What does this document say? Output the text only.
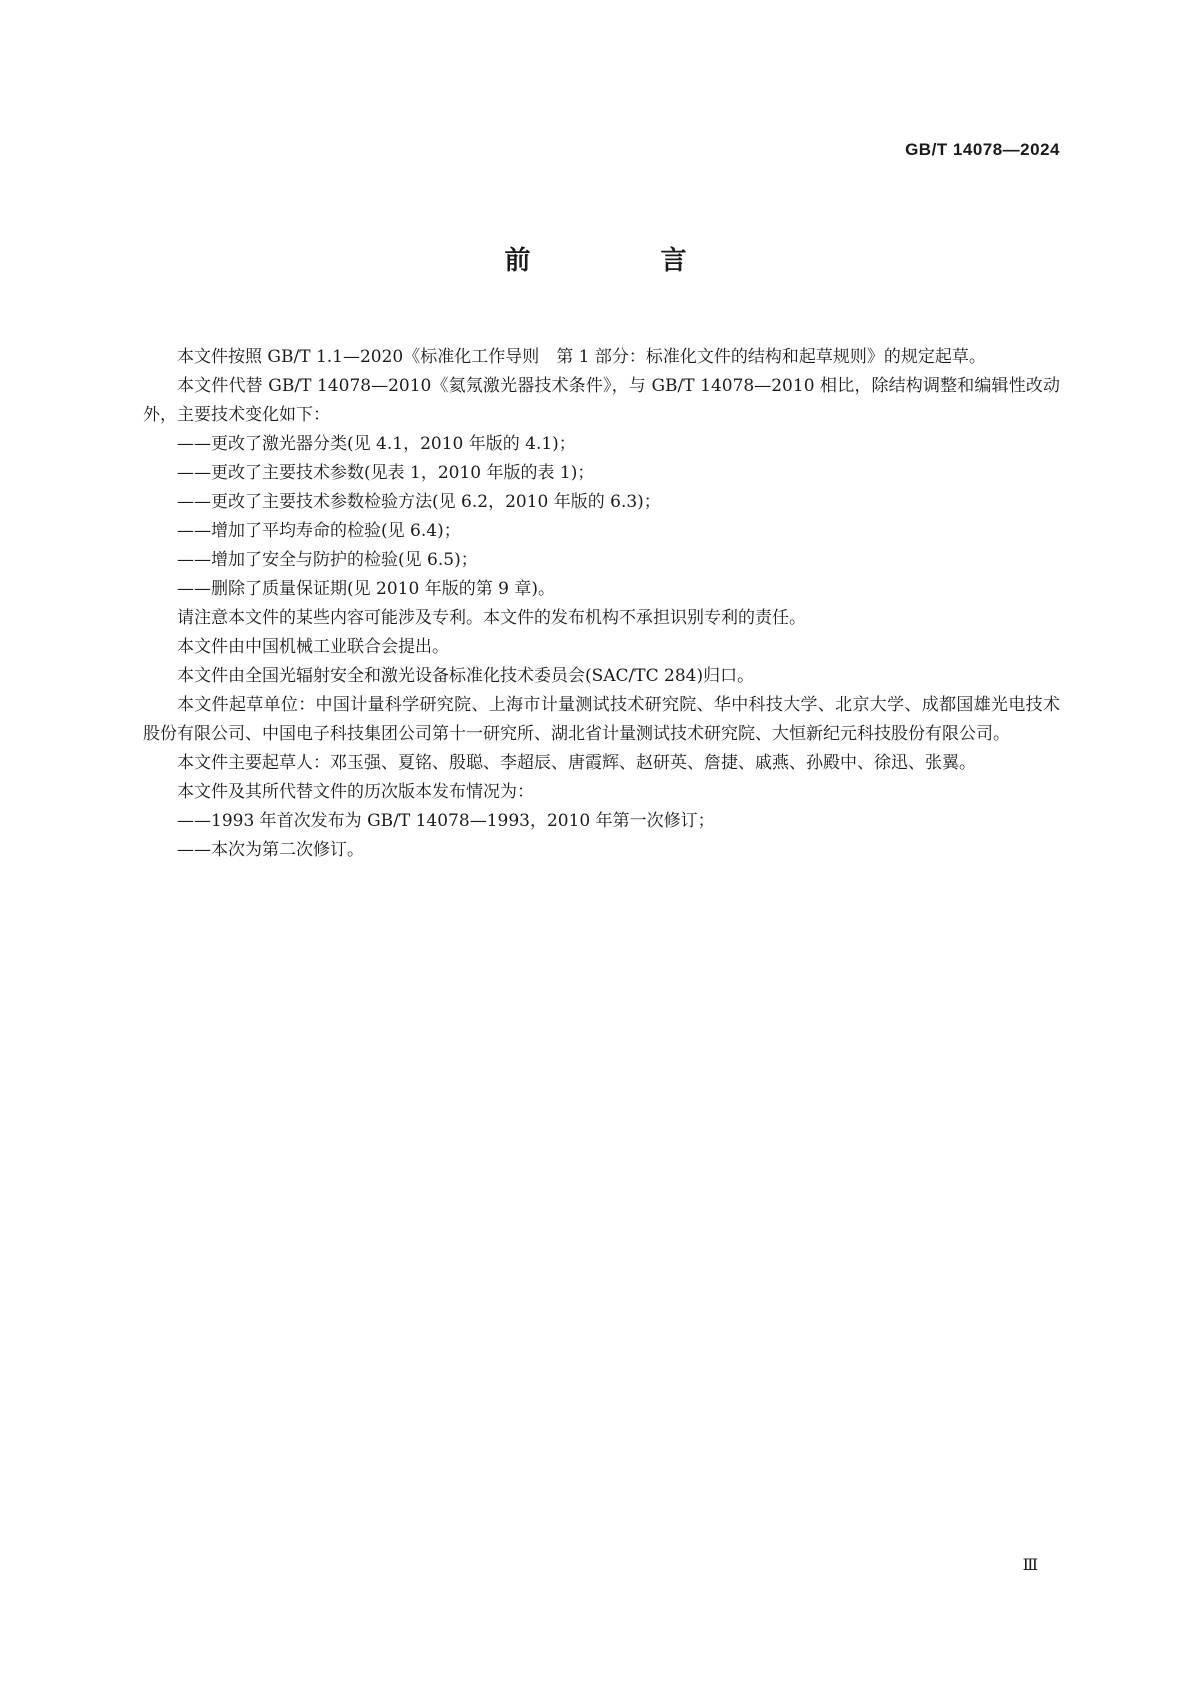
GB/T 14078—2024
前　言

本文件按照 GB/T 1.1—2020《标准化工作导则　第 1 部分：标准化文件的结构和起草规则》的规定起草。

本文件代替 GB/T 14078—2010《氦氖激光器技术条件》，与 GB/T 14078—2010 相比，除结构调整和编辑性改动外，主要技术变化如下：

——更改了激光器分类(见 4.1，2010 年版的 4.1)；

——更改了主要技术参数(见表 1，2010 年版的表 1)；

——更改了主要技术参数检验方法(见 6.2，2010 年版的 6.3)；

——增加了平均寿命的检验(见 6.4)；

——增加了安全与防护的检验(见 6.5)；

——删除了质量保证期(见 2010 年版的第 9 章)。

请注意本文件的某些内容可能涉及专利。本文件的发布机构不承担识别专利的责任。

本文件由中国机械工业联合会提出。

本文件由全国光辐射安全和激光设备标准化技术委员会(SAC/TC 284)归口。

本文件起草单位：中国计量科学研究院、上海市计量测试技术研究院、华中科技大学、北京大学、成都国雄光电技术股份有限公司、中国电子科技集团公司第十一研究所、湖北省计量测试技术研究院、大恒新纪元科技股份有限公司。

本文件主要起草人：邓玉强、夏铭、殷聪、李超辰、唐霞辉、赵研英、詹捷、戚燕、孙殿中、徐迅、张翼。

本文件及其所代替文件的历次版本发布情况为：

——1993 年首次发布为 GB/T 14078—1993，2010 年第一次修订；

——本次为第二次修订。

Ⅲ
